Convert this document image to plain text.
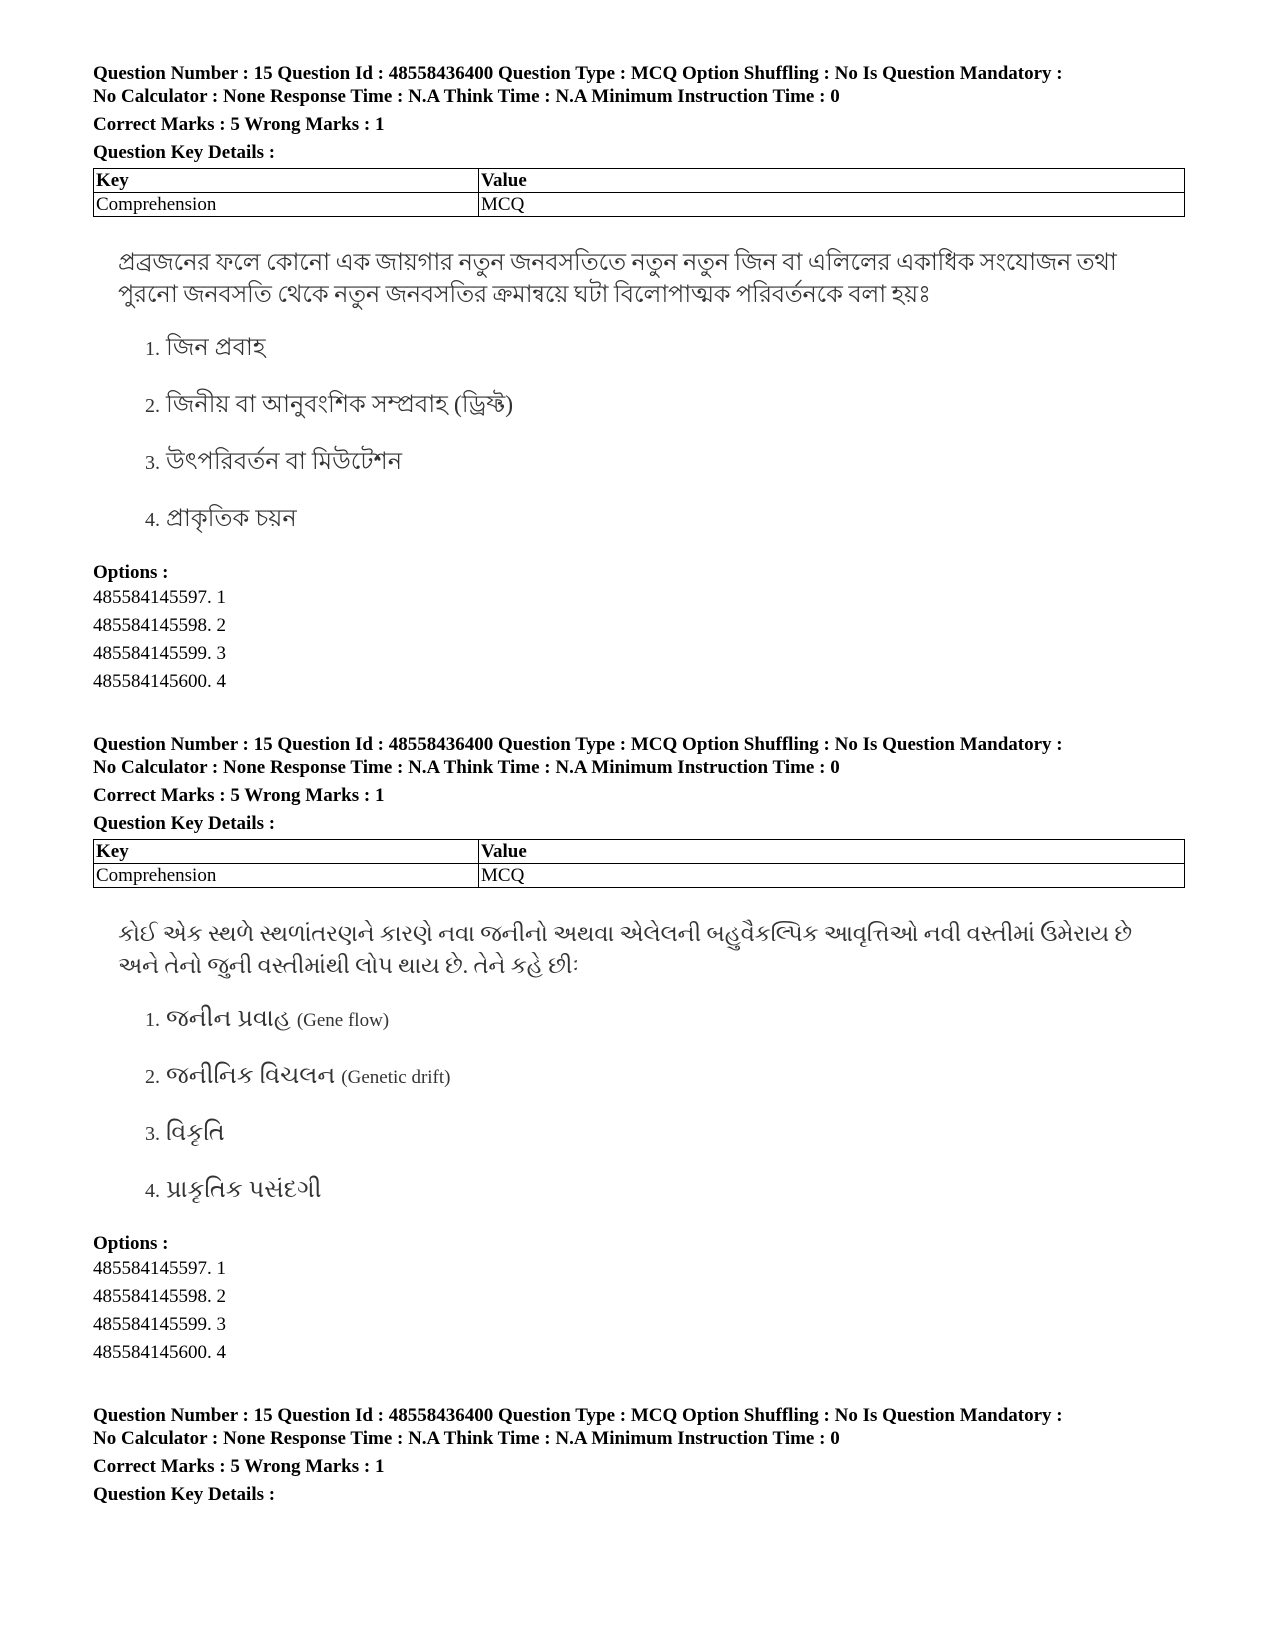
Question Number : 15 Question Id : 48558436400 Question Type : MCQ Option Shuffling : No Is Question Mandatory :
No Calculator : None Response Time : N.A Think Time : N.A Minimum Instruction Time : 0

Correct Marks : 5 Wrong Marks : 1
Question Key Details :
Key	Value
Comprehension	MCQ

প্রব্রজনের ফলে কোনো এক জায়গার নতুন জনবসতিতে নতুন নতুন জিন বা এলিলের একাধিক সংযোজন তথা পুরনো জনবসতি থেকে নতুন জনবসতির ক্রমান্বয়ে ঘটা বিলোপাত্মক পরিবর্তনকে বলা হয়ঃ

1. জিন প্রবাহ
2. জিনীয় বা আনুবংশিক সম্প্রবাহ (ড্রিফ্ট)
3. উৎপরিবর্তন বা মিউটেশন
4. প্রাকৃতিক চয়ন
Options :
485584145597. 1
485584145598. 2
485584145599. 3
485584145600. 4

Question Number : 15 Question Id : 48558436400 Question Type : MCQ Option Shuffling : No Is Question Mandatory :
No Calculator : None Response Time : N.A Think Time : N.A Minimum Instruction Time : 0

Correct Marks : 5 Wrong Marks : 1
Question Key Details :
Key	Value
Comprehension	MCQ

કોઈ એક સ્થળે સ્થળાંતરણને કારણે નવા જનીનો અથવા એલેલની બહુવૈકલ્પિક આવૃત્તિઓ નવી વસ્તીમાં ઉમેરાય છે અને તેનો જુની વસ્તીમાંથી લોપ થાય છે. તેને કહે છીઃ

1. જનીન પ્રવાહ (Gene flow)
2. જનીનિક વિચલન (Genetic drift)
3. વિકૃતિ
4. પ્રાકૃતિક પસંદગી
Options :
485584145597. 1
485584145598. 2
485584145599. 3
485584145600. 4

Question Number : 15 Question Id : 48558436400 Question Type : MCQ Option Shuffling : No Is Question Mandatory :
No Calculator : None Response Time : N.A Think Time : N.A Minimum Instruction Time : 0

Correct Marks : 5 Wrong Marks : 1
Question Key Details :
